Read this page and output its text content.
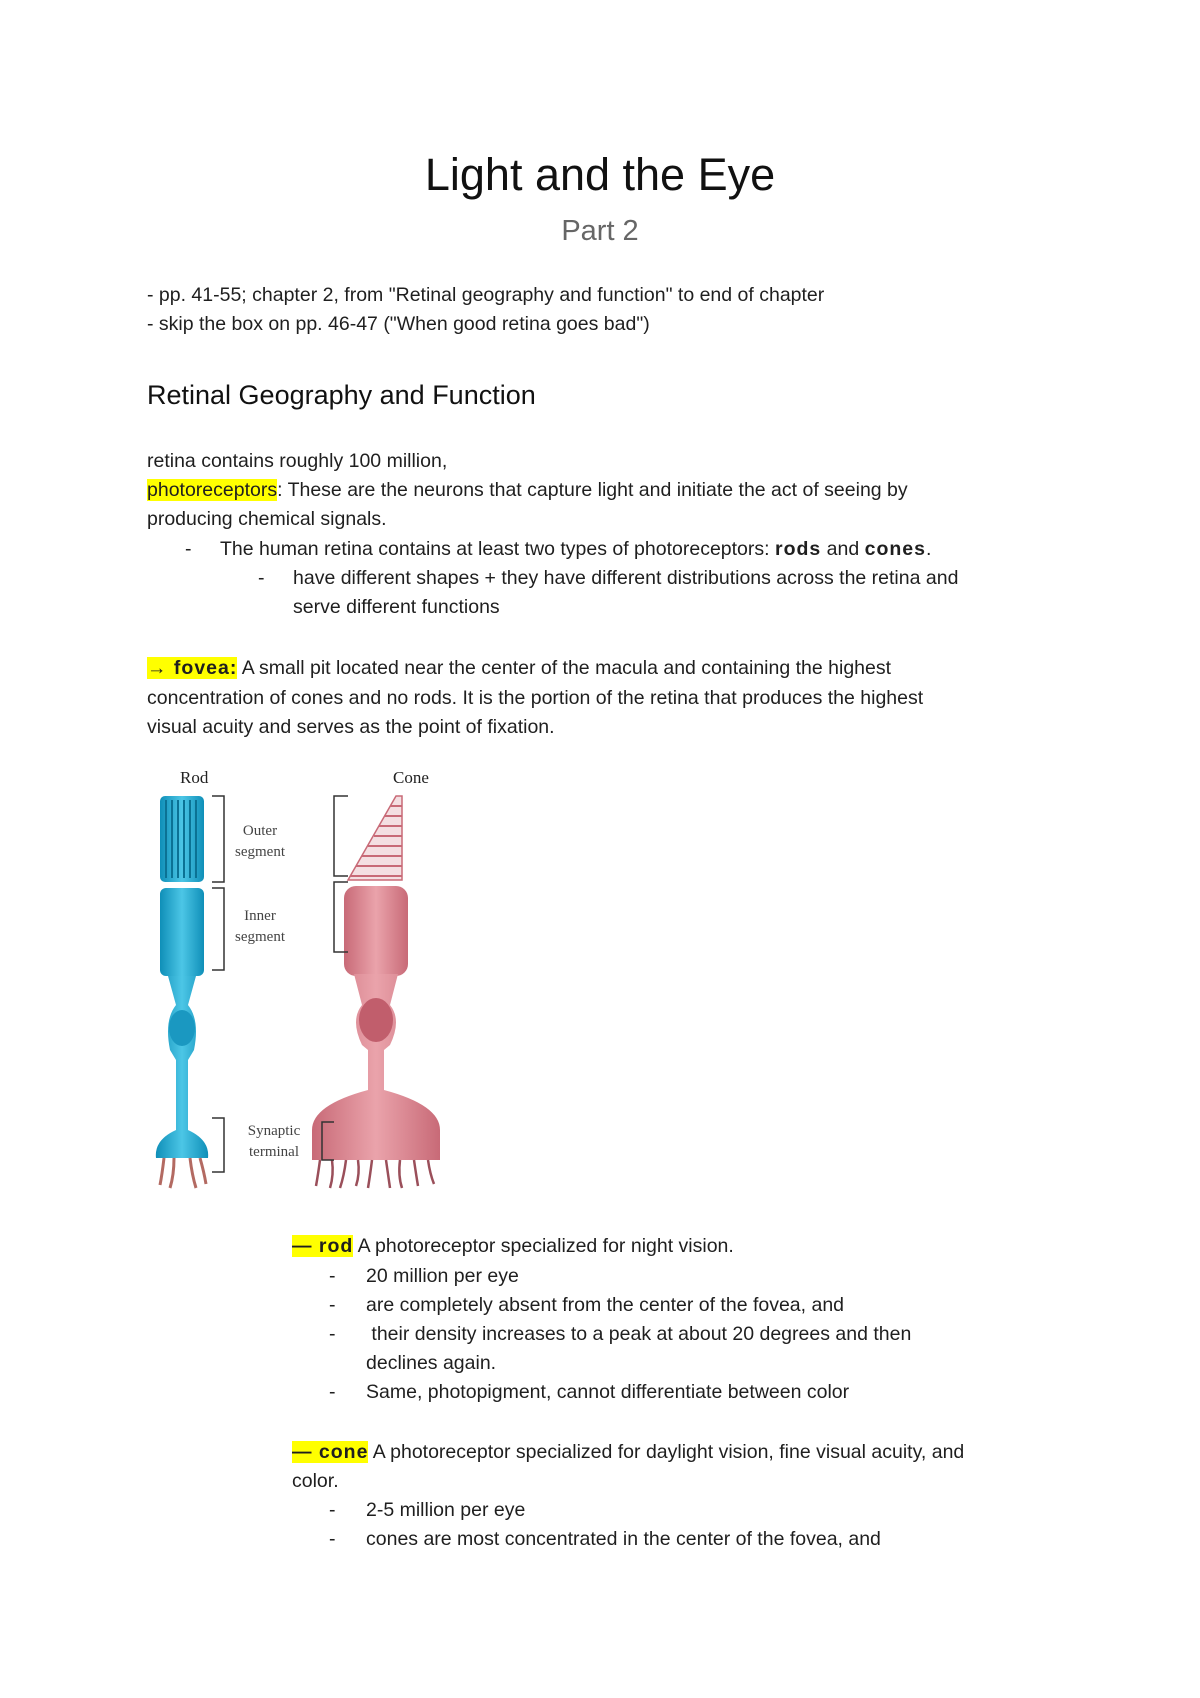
Light and the Eye
Part 2

- pp. 41-55; chapter 2, from "Retinal geography and function" to end of chapter

- skip the box on pp. 46-47 ("When good retina goes bad")

Retinal Geography and Function

retina contains roughly 100 million,

photoreceptors: These are the neurons that capture light and initiate the act of seeing by

producing chemical signals.

- The human retina contains at least two types of photoreceptors: rods and cones.

- have different shapes + they have different distributions across the retina and

serve different functions

→ fovea: A small pit located near the center of the macula and containing the highest

concentration of cones and no rods. It is the portion of the retina that produces the highest

visual acuity and serves as the point of fixation.

Rod	Cone
Outer
segment
Inner
segment
Synaptic
terminal

— rod A photoreceptor specialized for night vision.

- 20 million per eye

- are completely absent from the center of the fovea, and

- their density increases to a peak at about 20 degrees and then

declines again.

- Same, photopigment, cannot differentiate between color

— cone A photoreceptor specialized for daylight vision, fine visual acuity, and

color.

- 2-5 million per eye

- cones are most concentrated in the center of the fovea, and
